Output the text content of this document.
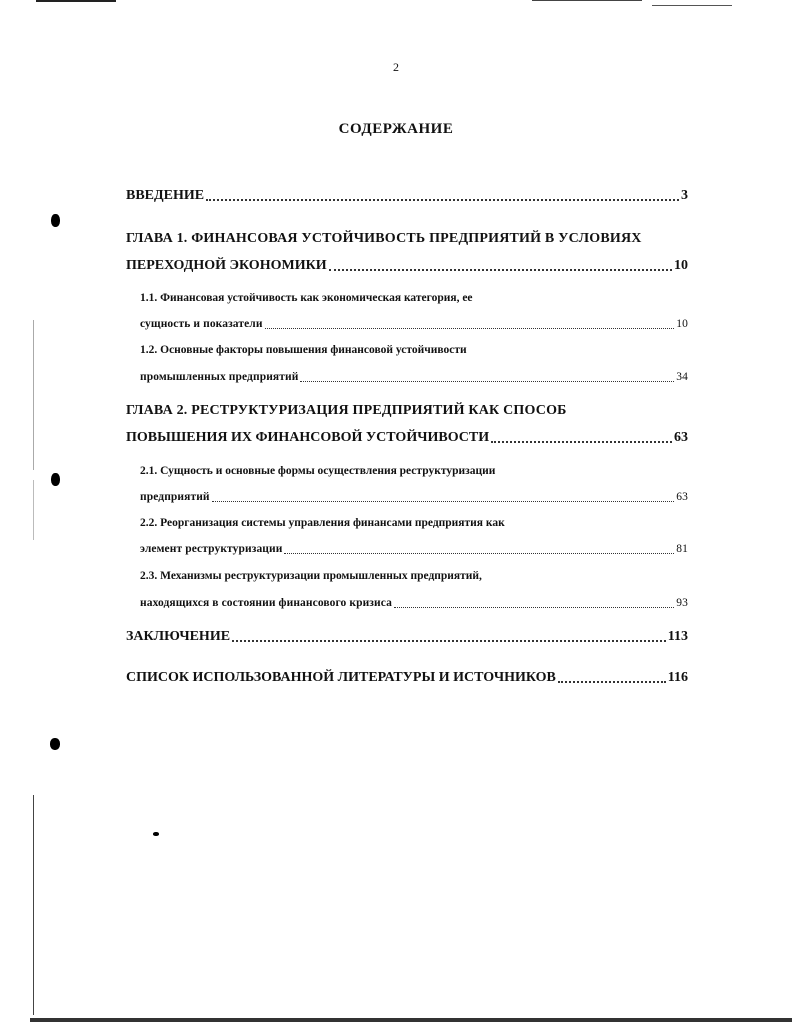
2
СОДЕРЖАНИЕ
ВВЕДЕНИЕ	3
ГЛАВА 1. ФИНАНСОВАЯ УСТОЙЧИВОСТЬ ПРЕДПРИЯТИЙ В УСЛОВИЯХ
ПЕРЕХОДНОЙ ЭКОНОМИКИ	10
1.1. Финансовая устойчивость как экономическая категория, ее
сущность и показатели	10
1.2. Основные факторы повышения финансовой устойчивости
промышленных предприятий	34
ГЛАВА 2. РЕСТРУКТУРИЗАЦИЯ ПРЕДПРИЯТИЙ КАК СПОСОБ
ПОВЫШЕНИЯ ИХ ФИНАНСОВОЙ УСТОЙЧИВОСТИ	63
2.1. Сущность и основные формы осуществления реструктуризации
предприятий	63
2.2. Реорганизация системы управления финансами предприятия как
элемент реструктуризации	81
2.3. Механизмы реструктуризации промышленных предприятий,
находящихся в состоянии финансового кризиса	93
ЗАКЛЮЧЕНИЕ	113
СПИСОК ИСПОЛЬЗОВАННОЙ ЛИТЕРАТУРЫ И ИСТОЧНИКОВ	116
